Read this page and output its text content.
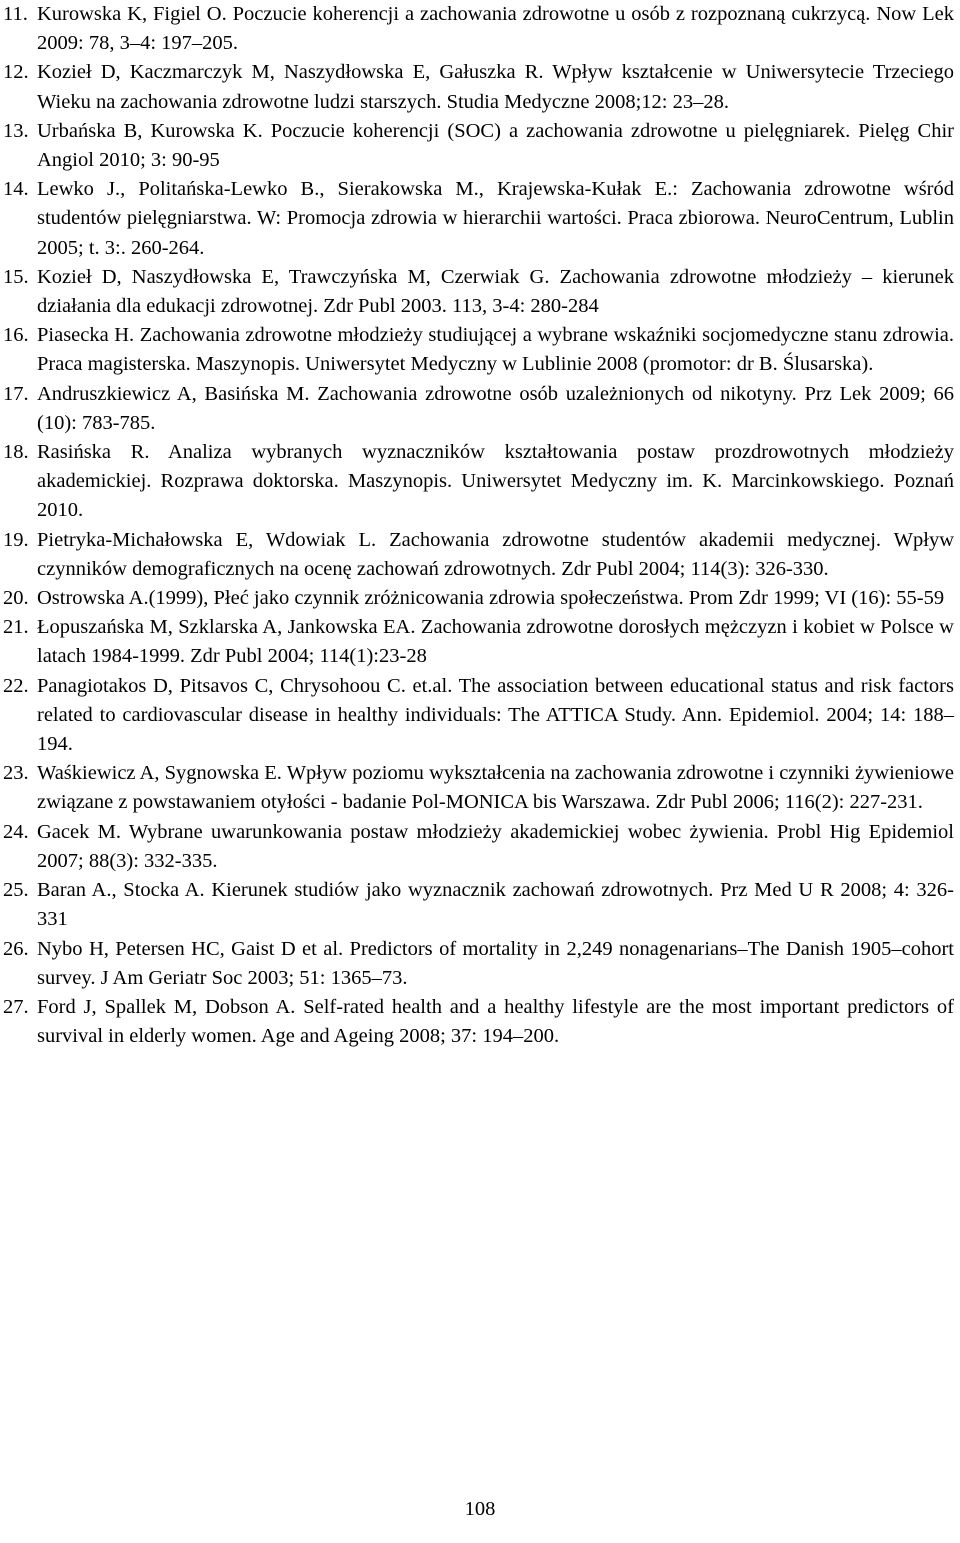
11. Kurowska K, Figiel O. Poczucie koherencji a zachowania zdrowotne u osób z rozpoznaną cukrzycą. Now Lek 2009: 78, 3–4: 197–205.
12. Kozieł D, Kaczmarczyk M, Naszydłowska E, Gałuszka R. Wpływ kształcenie w Uniwersytecie Trzeciego Wieku na zachowania zdrowotne ludzi starszych. Studia Medyczne 2008;12: 23–28.
13. Urbańska B, Kurowska K. Poczucie koherencji (SOC) a zachowania zdrowotne u pielęgniarek. Pielęg Chir Angiol 2010; 3: 90-95
14. Lewko J., Politańska-Lewko B., Sierakowska M., Krajewska-Kułak E.: Zachowania zdrowotne wśród studentów pielęgniarstwa. W: Promocja zdrowia w hierarchii wartości. Praca zbiorowa. NeuroCentrum, Lublin 2005; t. 3:. 260-264.
15. Kozieł D, Naszydłowska E, Trawczyńska M, Czerwiak G. Zachowania zdrowotne młodzieży – kierunek działania dla edukacji zdrowotnej. Zdr Publ 2003. 113, 3-4: 280-284
16. Piasecka H. Zachowania zdrowotne młodzieży studiującej a wybrane wskaźniki socjomedyczne stanu zdrowia. Praca magisterska. Maszynopis. Uniwersytet Medyczny w Lublinie 2008 (promotor: dr B. Ślusarska).
17. Andruszkiewicz A, Basińska M. Zachowania zdrowotne osób uzależnionych od nikotyny. Prz Lek 2009; 66 (10): 783-785.
18. Rasińska R. Analiza wybranych wyznaczników kształtowania postaw prozdrowotnych młodzieży akademickiej. Rozprawa doktorska. Maszynopis. Uniwersytet Medyczny im. K. Marcinkowskiego. Poznań 2010.
19. Pietryka-Michałowska E, Wdowiak L. Zachowania zdrowotne studentów akademii medycznej. Wpływ czynników demograficznych na ocenę zachowań zdrowotnych. Zdr Publ 2004; 114(3): 326-330.
20. Ostrowska A.(1999), Płeć jako czynnik zróżnicowania zdrowia społeczeństwa. Prom Zdr 1999; VI (16): 55-59
21. Łopuszańska M, Szklarska A, Jankowska EA. Zachowania zdrowotne dorosłych mężczyzn i kobiet w Polsce w latach 1984-1999. Zdr Publ 2004; 114(1):23-28
22. Panagiotakos D, Pitsavos C, Chrysohoou C. et.al. The association between educational status and risk factors related to cardiovascular disease in healthy individuals: The ATTICA Study. Ann. Epidemiol. 2004; 14: 188–194.
23. Waśkiewicz A, Sygnowska E. Wpływ poziomu wykształcenia na zachowania zdrowotne i czynniki żywieniowe związane z powstawaniem otyłości - badanie Pol-MONICA bis Warszawa. Zdr Publ 2006; 116(2): 227-231.
24. Gacek M. Wybrane uwarunkowania postaw młodzieży akademickiej wobec żywienia. Probl Hig Epidemiol 2007; 88(3): 332-335.
25. Baran A., Stocka A. Kierunek studiów jako wyznacznik zachowań zdrowotnych. Prz Med U R 2008; 4: 326-331
26. Nybo H, Petersen HC, Gaist D et al. Predictors of mortality in 2,249 nonagenarians–The Danish 1905–cohort survey. J Am Geriatr Soc 2003; 51: 1365–73.
27. Ford J, Spallek M, Dobson A. Self-rated health and a healthy lifestyle are the most important predictors of survival in elderly women. Age and Ageing 2008; 37: 194–200.
108
